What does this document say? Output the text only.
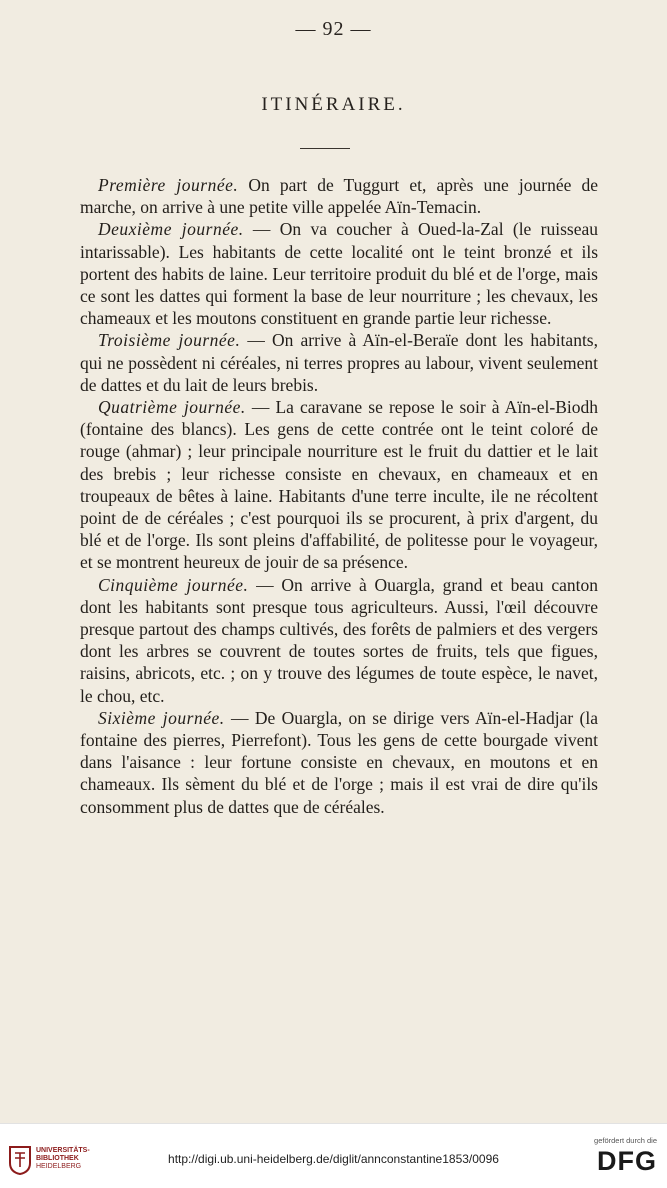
— 92 —
ITINÉRAIRE.

Première journée. On part de Tuggurt et, après une journée de marche, on arrive à une petite ville appelée Aïn-Temacin.

Deuxième journée. — On va coucher à Oued-la-Zal (le ruisseau intarissable). Les habitants de cette localité ont le teint bronzé et ils portent des habits de laine. Leur territoire produit du blé et de l'orge, mais ce sont les dattes qui forment la base de leur nourriture ; les chevaux, les chameaux et les moutons constituent en grande partie leur richesse.

Troisième journée. — On arrive à Aïn-el-Beraïe dont les habitants, qui ne possèdent ni céréales, ni terres propres au labour, vivent seulement de dattes et du lait de leurs brebis.

Quatrième journée. — La caravane se repose le soir à Aïn-el-Biodh (fontaine des blancs). Les gens de cette contrée ont le teint coloré de rouge (ahmar) ; leur principale nourriture est le fruit du dattier et le lait des brebis ; leur richesse consiste en chevaux, en chameaux et en troupeaux de bêtes à laine. Habitants d'une terre inculte, ile ne récoltent point de de céréales ; c'est pourquoi ils se procurent, à prix d'argent, du blé et de l'orge. Ils sont pleins d'affabilité, de politesse pour le voyageur, et se montrent heureux de jouir de sa présence.

Cinquième journée. — On arrive à Ouargla, grand et beau canton dont les habitants sont presque tous agriculteurs. Aussi, l'œil découvre presque partout des champs cultivés, des forêts de palmiers et des vergers dont les arbres se couvrent de toutes sortes de fruits, tels que figues, raisins, abricots, etc. ; on y trouve des légumes de toute espèce, le navet, le chou, etc.

Sixième journée. — De Ouargla, on se dirige vers Aïn-el-Hadjar (la fontaine des pierres, Pierrefont). Tous les gens de cette bourgade vivent dans l'aisance : leur fortune consiste en chevaux, en moutons et en chameaux. Ils sèment du blé et de l'orge ; mais il est vrai de dire qu'ils consomment plus de dattes que de céréales.

UNIVERSITÄTS-
BIBLIOTHEK
HEIDELBERG
http://digi.ub.uni-heidelberg.de/diglit/annconstantine1853/0096
gefördert durch die
DFG
